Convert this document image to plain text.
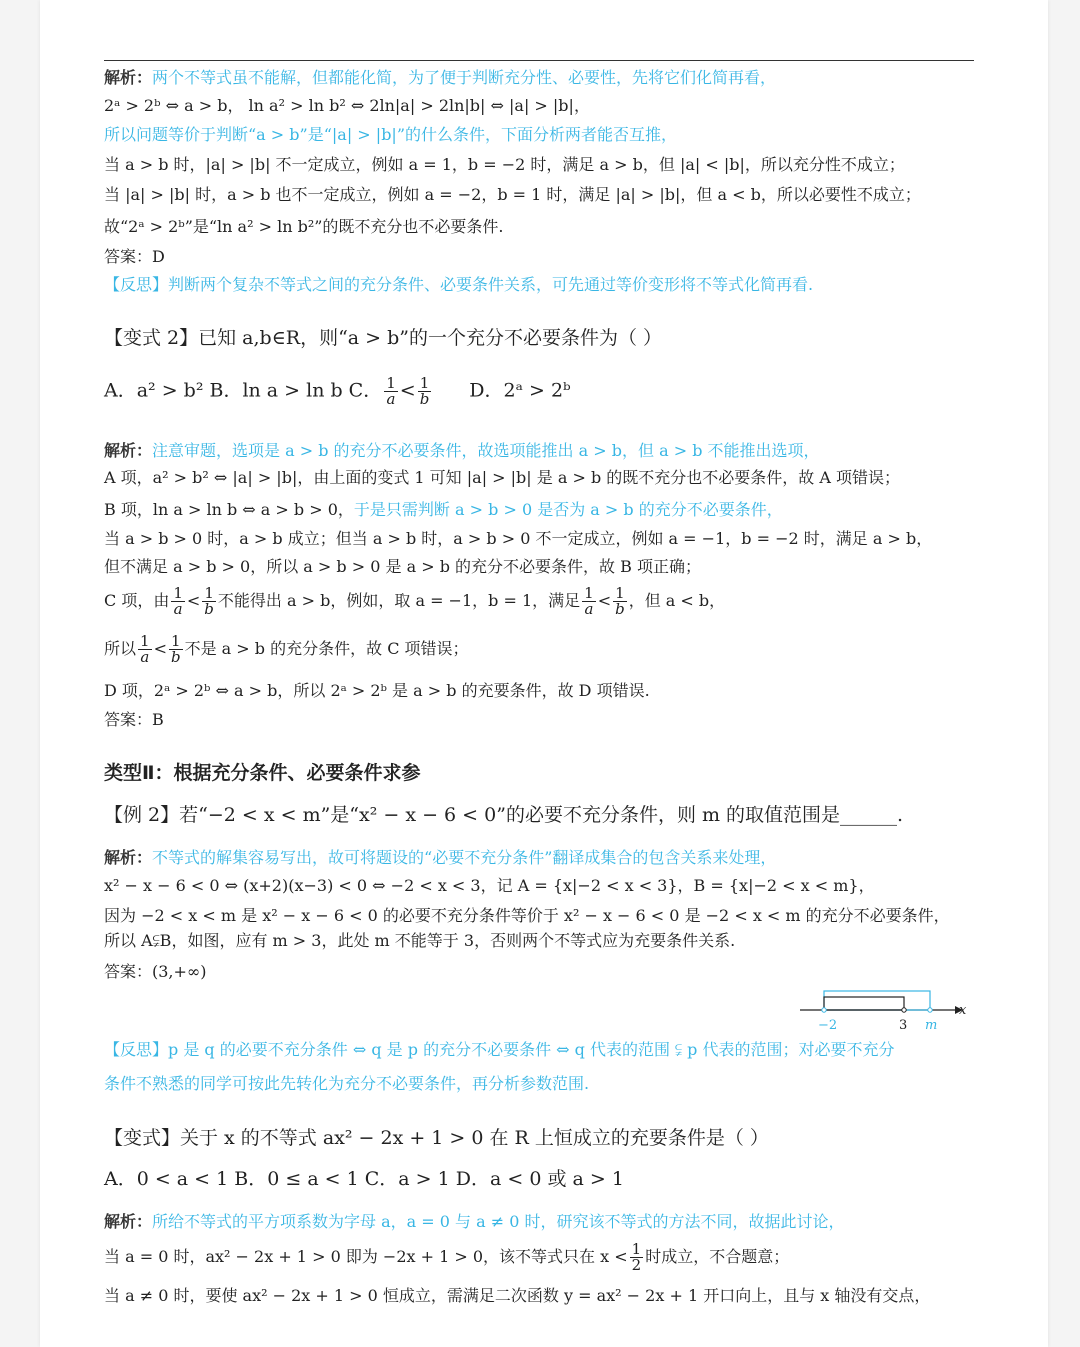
解析：两个不等式虽不能解，但都能化简，为了便于判断充分性、必要性，先将它们化简再看，
2ᵃ > 2ᵇ ⇔ a > b， ln a² > ln b² ⇔ 2ln|a| > 2ln|b| ⇔ |a| > |b|，
所以问题等价于判断“a > b”是“|a| > |b|”的什么条件，下面分析两者能否互推，
当 a > b 时，|a| > |b| 不一定成立，例如 a = 1，b = −2 时，满足 a > b，但 |a| < |b|，所以充分性不成立；
当 |a| > |b| 时，a > b 也不一定成立，例如 a = −2，b = 1 时，满足 |a| > |b|，但 a < b，所以必要性不成立；
故“2ᵃ > 2ᵇ”是“ln a² > ln b²”的既不充分也不必要条件.
答案：D
【反思】判断两个复杂不等式之间的充分条件、必要条件关系，可先通过等价变形将不等式化简再看.
【变式 2】已知 a,b∈R，则“a > b”的一个充分不必要条件为（ ）
A．a² > b² B．ln a > ln b C． $\frac{1}{a} < \frac{1}{b}$ D．2ᵃ > 2ᵇ
解析：注意审题，选项是 a > b 的充分不必要条件，故选项能推出 a > b，但 a > b 不能推出选项，
A 项，a² > b² ⇔ |a| > |b|，由上面的变式 1 可知 |a| > |b| 是 a > b 的既不充分也不必要条件，故 A 项错误；
B 项，ln a > ln b ⇔ a > b > 0，于是只需判断 a > b > 0 是否为 a > b 的充分不必要条件，
当 a > b > 0 时，a > b 成立；但当 a > b 时，a > b > 0 不一定成立，例如 a = −1，b = −2 时，满足 a > b，
但不满足 a > b > 0，所以 a > b > 0 是 a > b 的充分不必要条件，故 B 项正确；
C 项，由 $\frac{1}{a} < \frac{1}{b}$ 不能得出 a > b，例如，取 a = −1，b = 1，满足 $\frac{1}{a} < \frac{1}{b}$ ，但 a < b，
所以 $\frac{1}{a} < \frac{1}{b}$ 不是 a > b 的充分条件，故 C 项错误；
D 项，2ᵃ > 2ᵇ ⇔ a > b，所以 2ᵃ > 2ᵇ 是 a > b 的充要条件，故 D 项错误.
答案：B
类型Ⅱ：根据充分条件、必要条件求参
【例 2】若“−2 < x < m”是“x² − x − 6 < 0”的必要不充分条件，则 m 的取值范围是______.
解析：不等式的解集容易写出，故可将题设的“必要不充分条件”翻译成集合的包含关系来处理，
x² − x − 6 < 0 ⇔ (x+2)(x−3) < 0 ⇔ −2 < x < 3，记 A = {x|−2 < x < 3}，B = {x|−2 < x < m}，
因为 −2 < x < m 是 x² − x − 6 < 0 的必要不充分条件等价于 x² − x − 6 < 0 是 −2 < x < m 的充分不必要条件，
所以 A⫋B，如图，应有 m > 3，此处 m 不能等于 3，否则两个不等式应为充要条件关系.
答案：(3,+∞)
−2	3 m
x
【反思】p 是 q 的必要不充分条件 ⇔ q 是 p 的充分不必要条件 ⇔ q 代表的范围 ⫋ p 代表的范围；对必要不充分
条件不熟悉的同学可按此先转化为充分不必要条件，再分析参数范围.
【变式】关于 x 的不等式 ax² − 2x + 1 > 0 在 R 上恒成立的充要条件是（ ）
A．0 < a < 1 B．0 ≤ a < 1 C．a > 1 D．a < 0 或 a > 1
解析：所给不等式的平方项系数为字母 a，a = 0 与 a ≠ 0 时，研究该不等式的方法不同，故据此讨论，
当 a = 0 时，ax² − 2x + 1 > 0 即为 −2x + 1 > 0，该不等式只在 $x < \frac{1}{2}$ 时成立，不合题意；
当 a ≠ 0 时，要使 ax² − 2x + 1 > 0 恒成立，需满足二次函数 y = ax² − 2x + 1 开口向上，且与 x 轴没有交点，
